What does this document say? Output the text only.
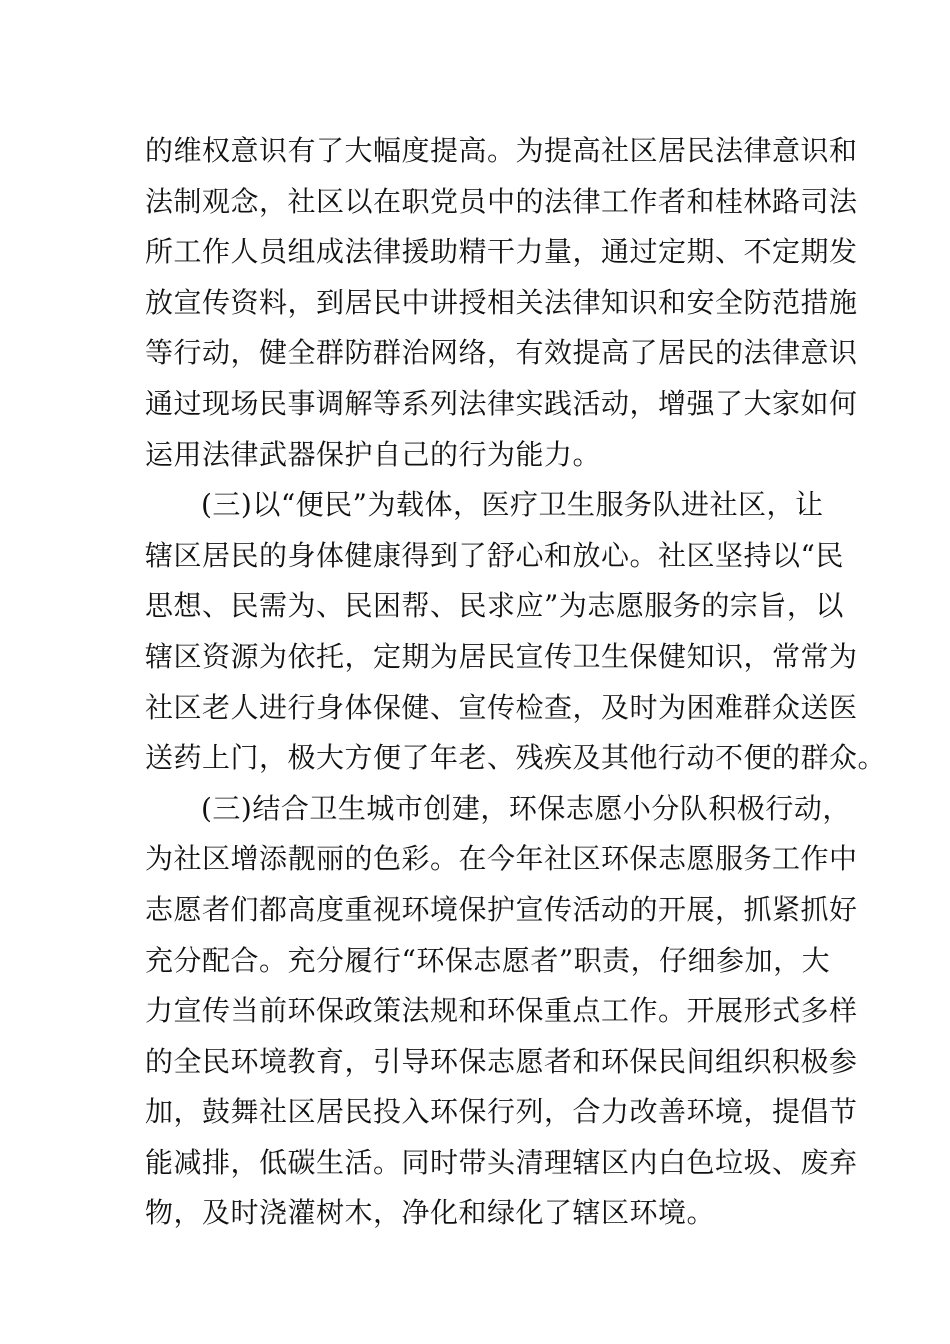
的维权意识有了大幅度提高。为提高社区居民法律意识和
法制观念，社区以在职党员中的法律工作者和桂林路司法
所工作人员组成法律援助精干力量，通过定期、不定期发
放宣传资料，到居民中讲授相关法律知识和安全防范措施
等行动，健全群防群治网络，有效提高了居民的法律意识
通过现场民事调解等系列法律实践活动，增强了大家如何
运用法律武器保护自己的行为能力。
(三)以“便民”为载体，医疗卫生服务队进社区，让
辖区居民的身体健康得到了舒心和放心。社区坚持以“民
思想、民需为、民困帮、民求应”为志愿服务的宗旨，以
辖区资源为依托，定期为居民宣传卫生保健知识，常常为
社区老人进行身体保健、宣传检查，及时为困难群众送医
送药上门，极大方便了年老、残疾及其他行动不便的群众。
(三)结合卫生城市创建，环保志愿小分队积极行动，
为社区增添靓丽的色彩。在今年社区环保志愿服务工作中
志愿者们都高度重视环境保护宣传活动的开展，抓紧抓好
充分配合。充分履行“环保志愿者”职责，仔细参加，大
力宣传当前环保政策法规和环保重点工作。开展形式多样
的全民环境教育，引导环保志愿者和环保民间组织积极参
加，鼓舞社区居民投入环保行列，合力改善环境，提倡节
能减排，低碳生活。同时带头清理辖区内白色垃圾、废弃
物，及时浇灌树木，净化和绿化了辖区环境。
